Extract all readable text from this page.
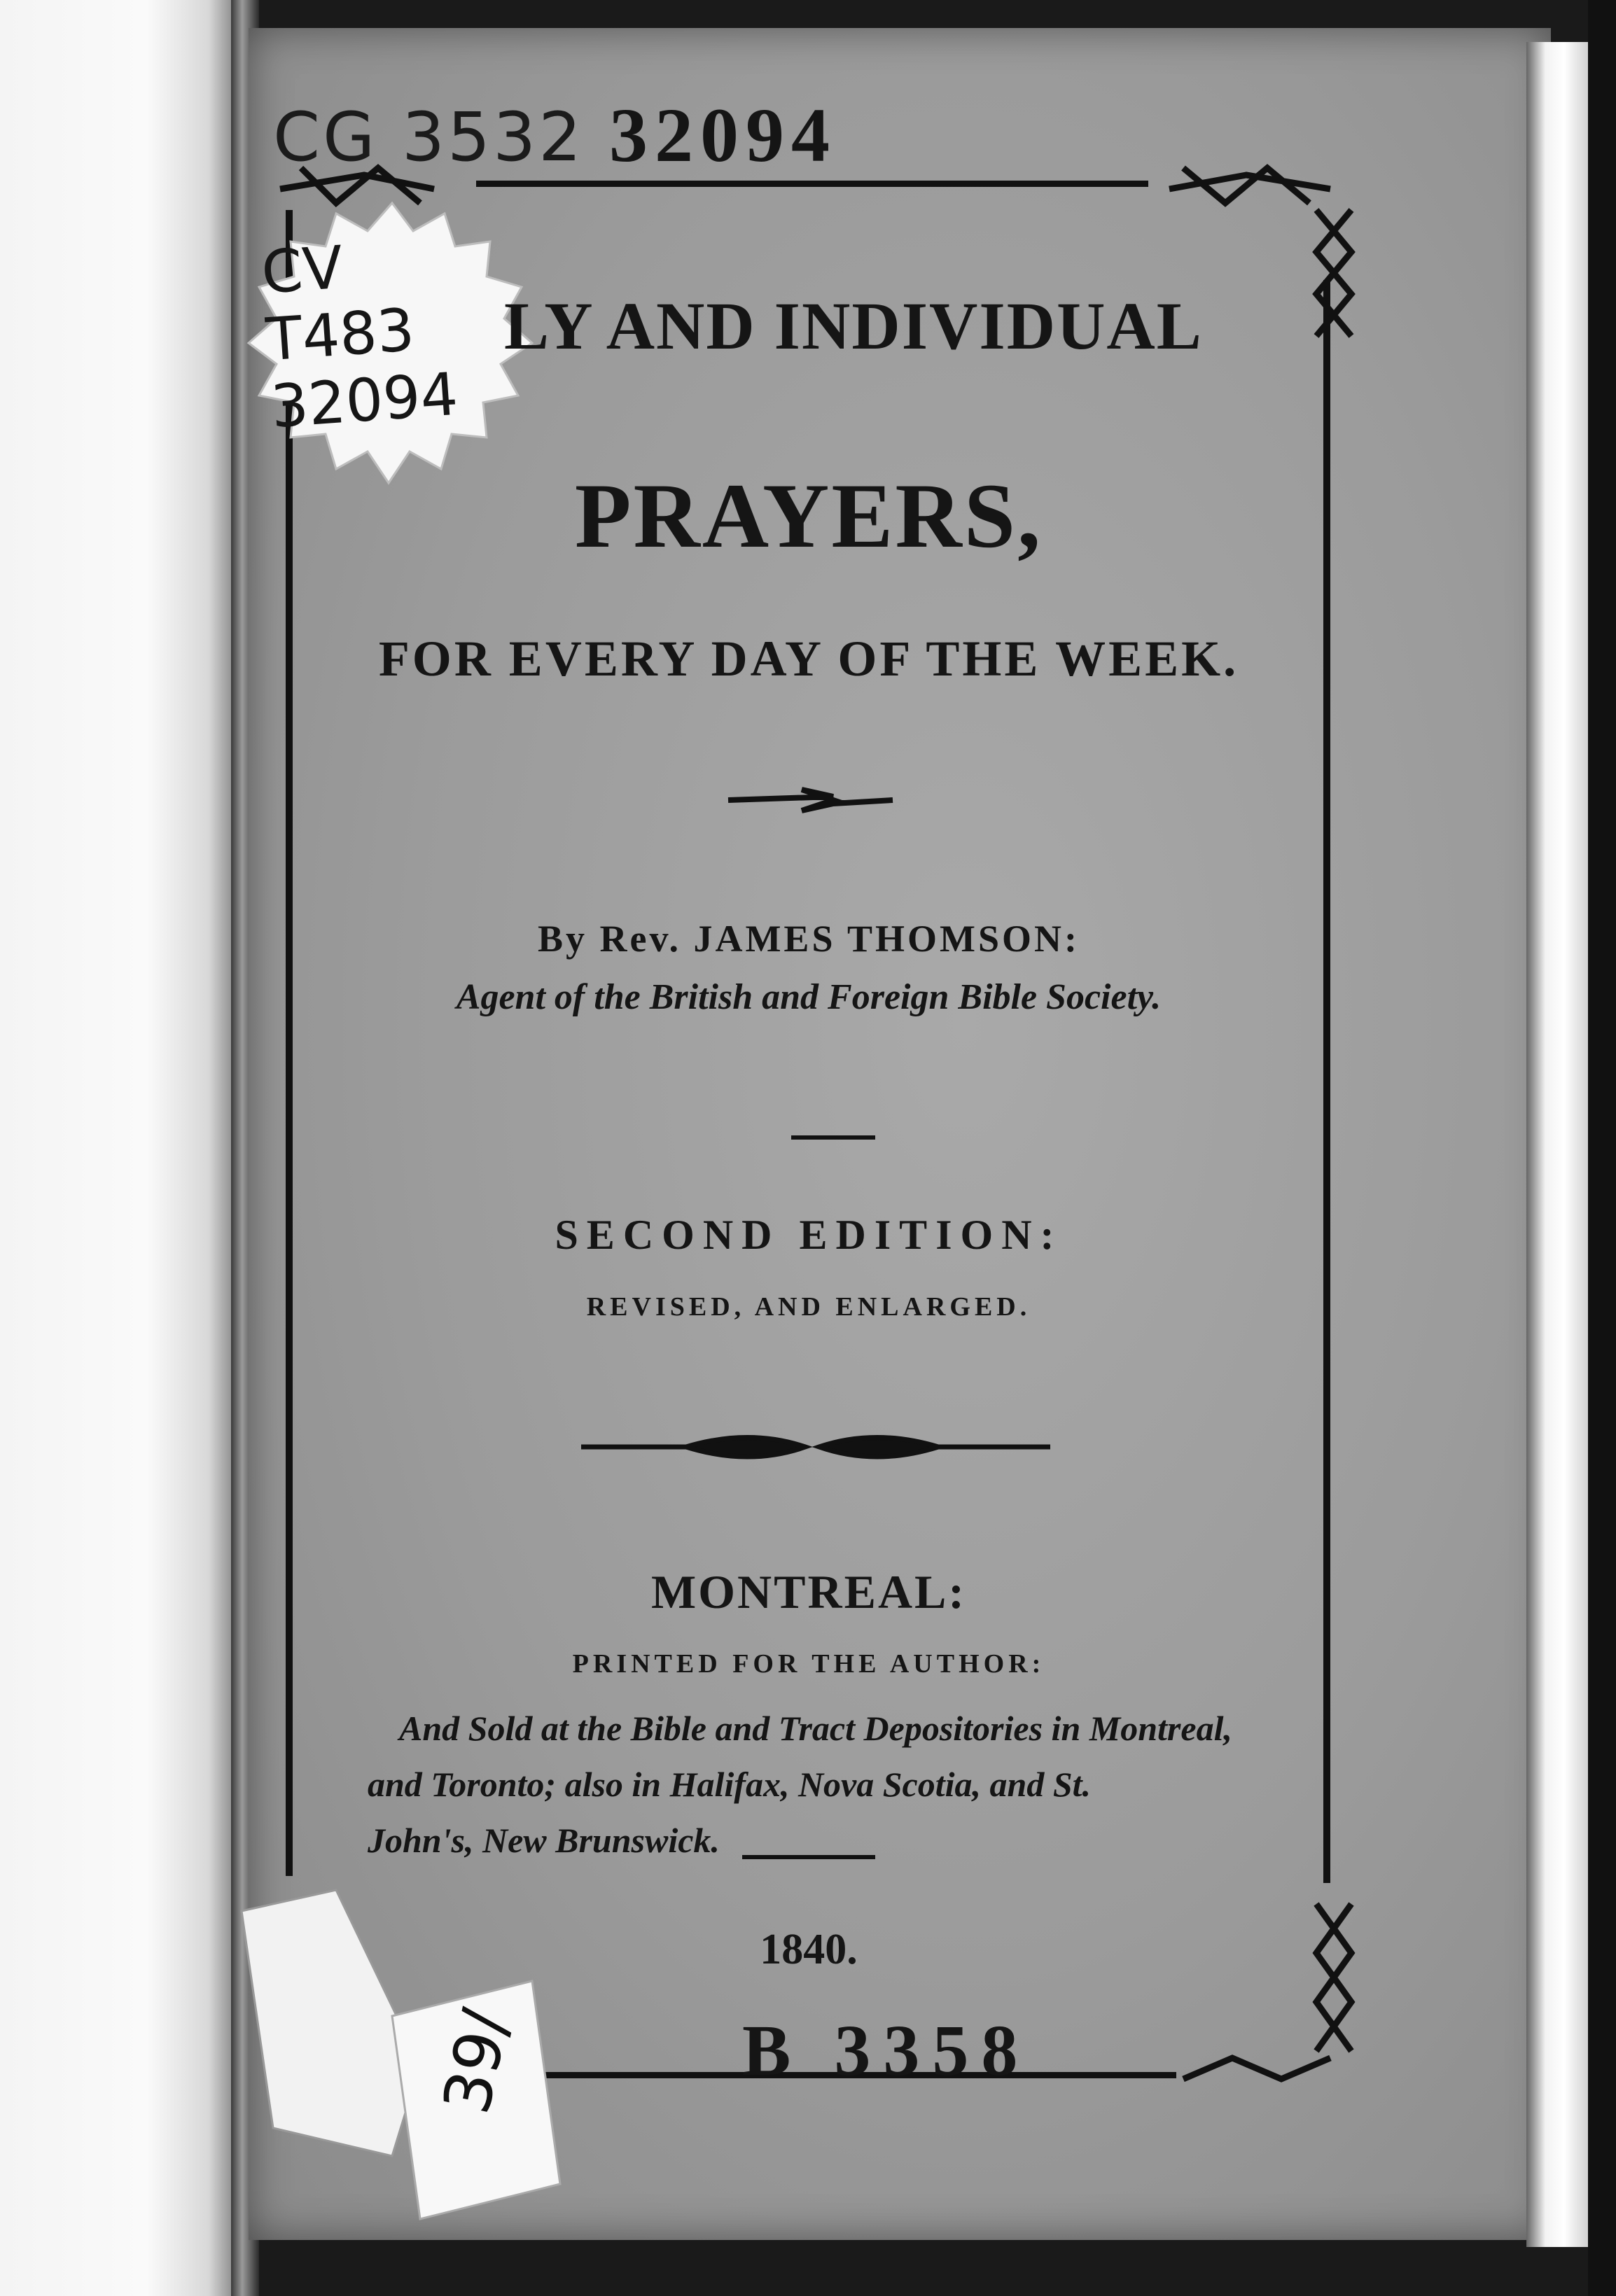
CG 3532 32094
CV
T483
32094
LY AND INDIVIDUAL
PRAYERS,
FOR EVERY DAY OF THE WEEK.
By Rev. JAMES THOMSON:
Agent of the British and Foreign Bible Society.
SECOND EDITION:
REVISED, AND ENLARGED.
MONTREAL:
PRINTED FOR THE AUTHOR:
And Sold at the Bible and Tract Depositories in Montreal,
and Toronto; also in Halifax, Nova Scotia, and St.
John's, New Brunswick.
1840.
B 3358
39/
